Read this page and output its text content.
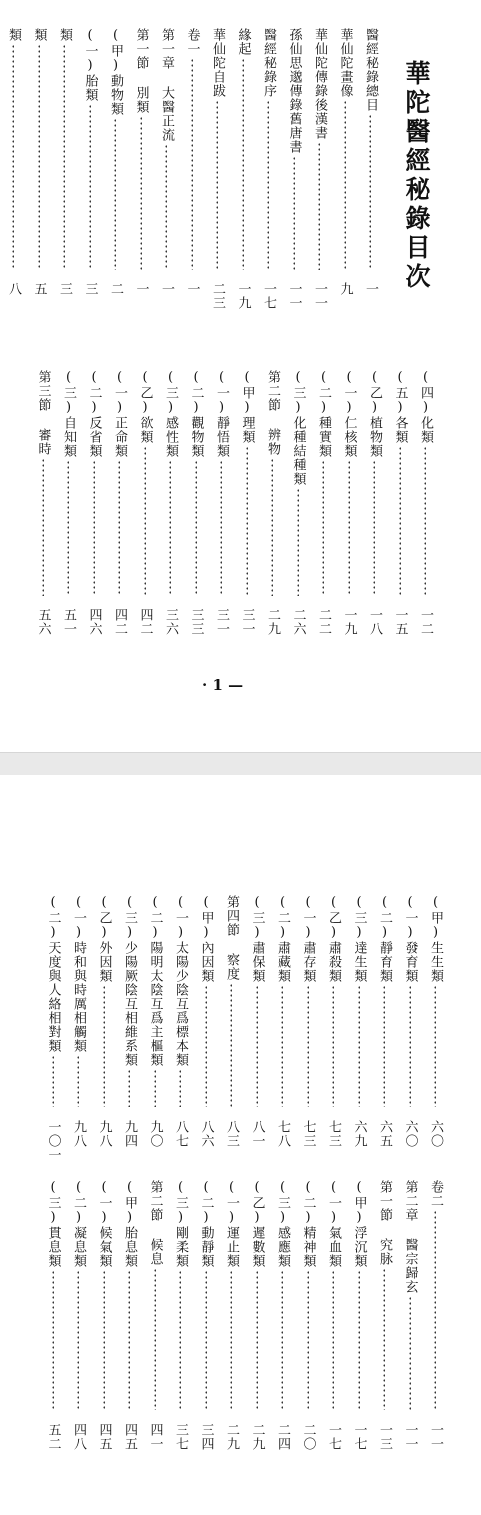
華陀醫經秘錄目次
醫經秘錄總目
一
華仙陀畫像
九
華仙陀傳錄後漢書
一一
孫仙思邈傳錄舊唐書
一一
醫經秘錄序
一七
緣起
一九
華仙陀自跋
二三
卷一
一
第一章 大醫正流
一
第一節 別類
一
(甲)動物類
二
(一)胎類
三
類
三
類
五
類
八
(四)化類
一二
(五)各類
一五
(乙)植物類
一八
(一)仁核類
一九
(二)種實類
二二
(三)化種結種類
二六
第二節 辨物
二九
(甲)理類
三一
(一)靜悟類
三一
(二)觀物類
三三
(三)感性類
三六
(乙)欲類
四二
(一)正命類
四二
(二)反省類
四六
(三)自知類
五一
第三節 審時
五六
· 1 —
(甲)生生類
六〇
(一)發育類
六〇
(二)靜育類
六五
(三)達生類
六九
(乙)肅殺類
七三
(一)肅存類
七三
(二)肅藏類
七八
(三)肅保類
八一
第四節 察度
八三
(甲)內因類
八六
(一)太陽少陰互爲標本類
八七
(二)陽明太陰互爲主樞類
九〇
(三)少陽厥陰互相維系類
九四
(乙)外因類
九八
(一)時和與時厲相觸類
九八
(二)天度與人絡相對類
一〇一
卷二
一一
第二章 醫宗歸玄
一一
第一節 究脉
一三
(甲)浮沉類
一七
(一)氣血類
一七
(二)精神類
二〇
(三)感應類
二四
(乙)遲數類
二九
(一)運止類
二九
(二)動靜類
三四
(三)剛柔類
三七
第二節 候息
四一
(甲)胎息類
四五
(一)候氣類
四五
(二)凝息類
四八
(三)貫息類
五二
